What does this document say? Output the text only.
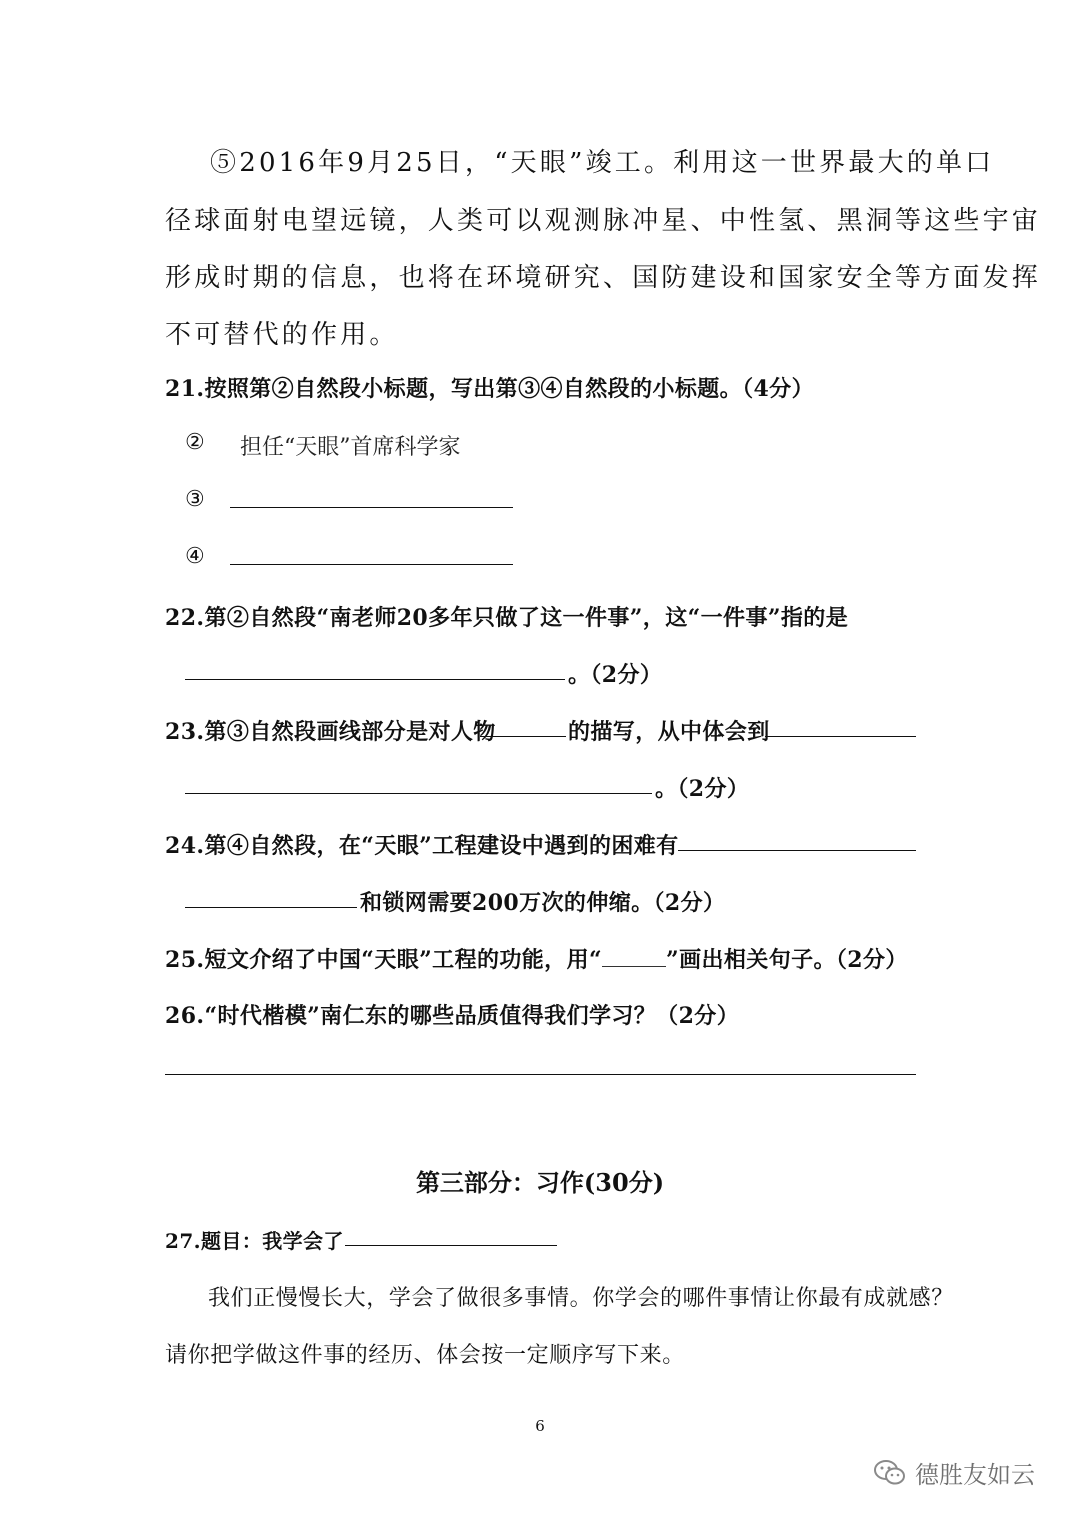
⑤2016年9月25日，“天眼”竣工。利用这一世界最大的单口
径球面射电望远镜，人类可以观测脉冲星、中性氢、黑洞等这些宇宙
形成时期的信息，也将在环境研究、国防建设和国家安全等方面发挥
不可替代的作用。
21.按照第②自然段小标题，写出第③④自然段的小标题。（4分）
② 担任“天眼”首席科学家
③
④
22.第②自然段“南老师20多年只做了这一件事”，这“一件事”指的是
。（2分）
23.第③自然段画线部分是对人物	的描写，从中体会到
。（2分）
24.第④自然段，在“天眼”工程建设中遇到的困难有
和锁网需要200万次的伸缩。（2分）
25.短文介绍了中国“天眼”工程的功能，用“	”画出相关句子。（2分）
26.“时代楷模”南仁东的哪些品质值得我们学习？（2分）
第三部分：习作(30分)
27.题目：我学会了
我们正慢慢长大，学会了做很多事情。你学会的哪件事情让你最有成就感？
请你把学做这件事的经历、体会按一定顺序写下来。
6
德胜友如云
